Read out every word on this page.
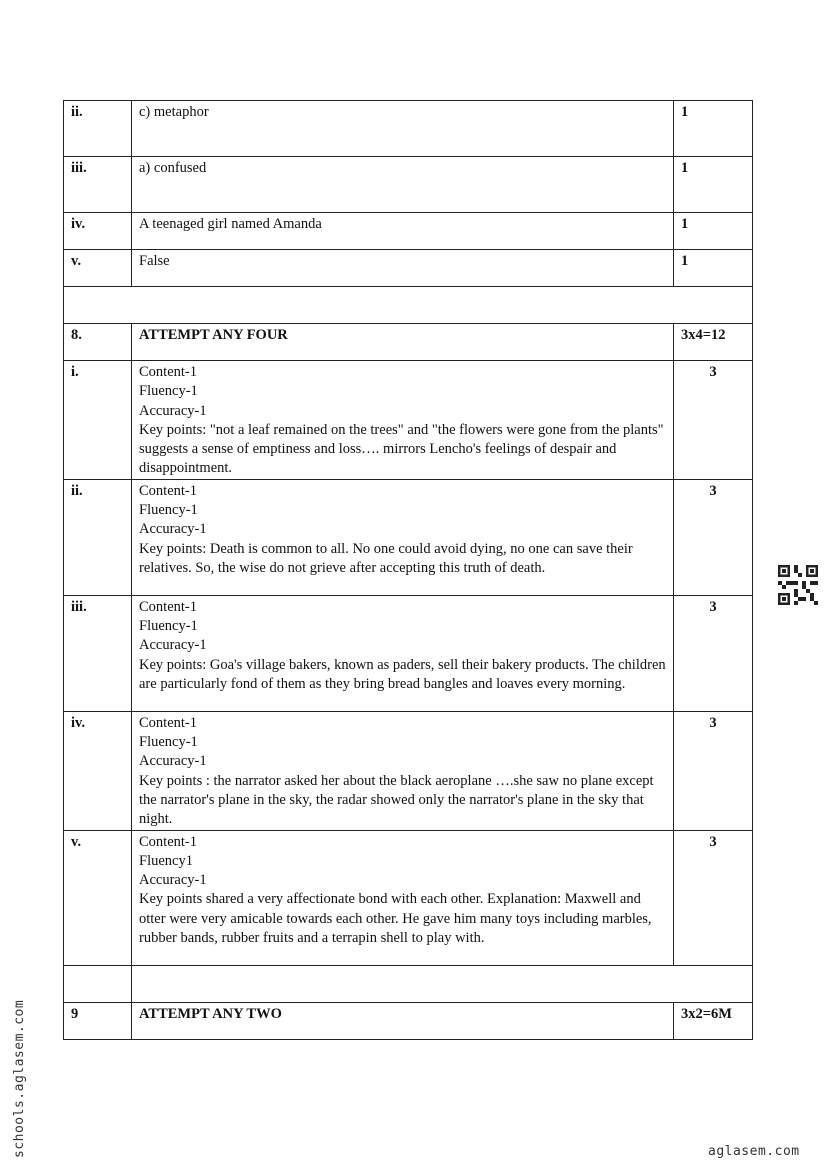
ii.	c) metaphor	1
iii.	a) confused	1
iv.	A teenaged girl named Amanda	1
v.	False	1

8.	ATTEMPT ANY FOUR	3x4=12
i.	Content-1
Fluency-1
Accuracy-1
Key points: "not a leaf remained on the trees" and "the flowers were gone from the plants" suggests a sense of emptiness and loss…. mirrors Lencho's feelings of despair and disappointment.	3
ii.	Content-1
Fluency-1
Accuracy-1
Key points: Death is common to all. No one could avoid dying, no one can save their relatives. So, the wise do not grieve after accepting this truth of death.	3
iii.	Content-1
Fluency-1
Accuracy-1
Key points: Goa's village bakers, known as paders, sell their bakery products. The children are particularly fond of them as they bring bread bangles and loaves every morning.	3
iv.	Content-1
Fluency-1
Accuracy-1
Key points : the narrator asked her about the black aeroplane ….she saw no plane except the narrator's plane in the sky, the radar showed only the narrator's plane in the sky that night.	3
v.	Content-1
Fluency1
Accuracy-1
Key points shared a very affectionate bond with each other. Explanation: Maxwell and otter were very amicable towards each other. He gave him many toys including marbles, rubber bands, rubber fruits and a terrapin shell to play with.	3

9	ATTEMPT ANY TWO	3x2=6M
schools.aglasem.com	aglasem.com
